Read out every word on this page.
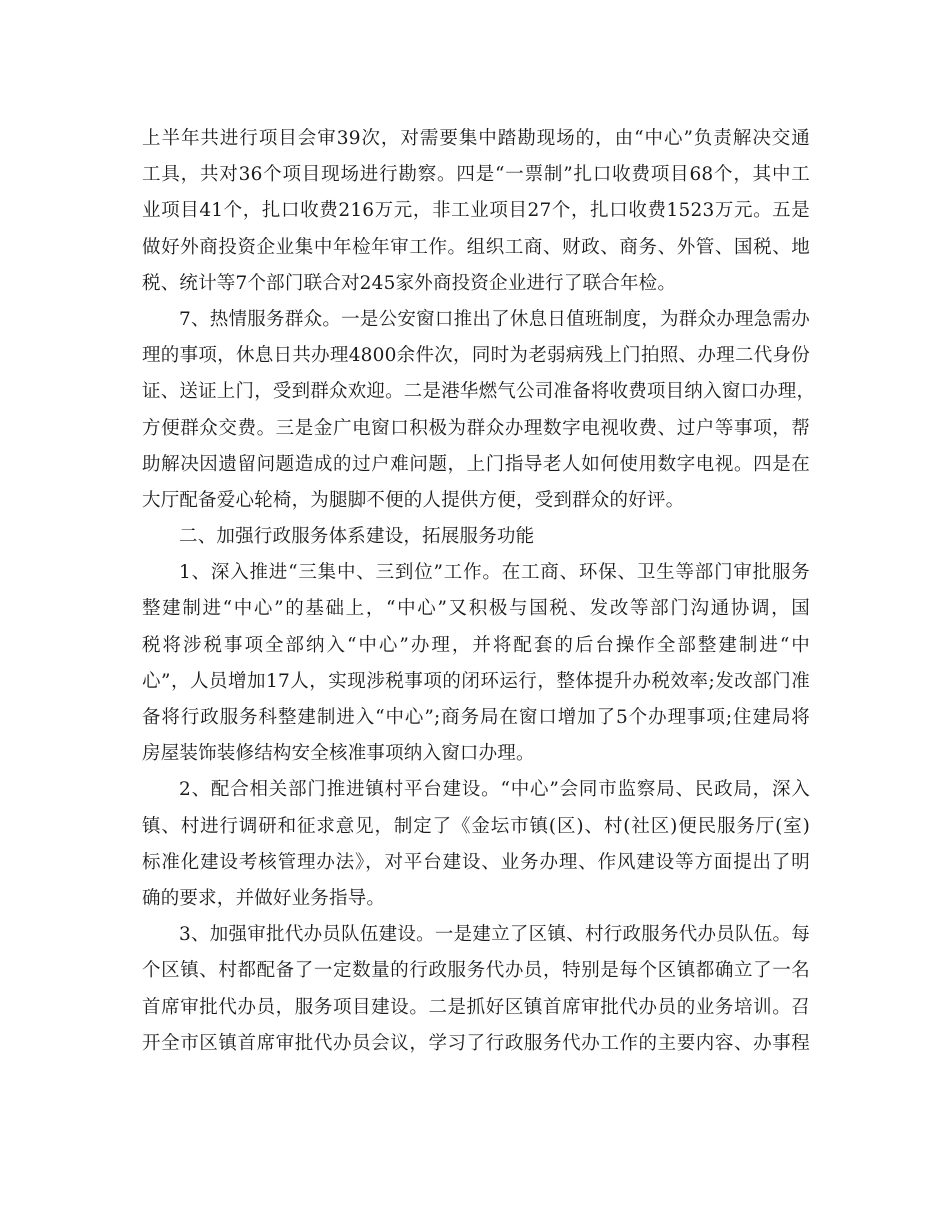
上半年共进行项目会审39次，对需要集中踏勘现场的，由“中心”负责解决交通
工具，共对36个项目现场进行勘察。四是“一票制”扎口收费项目68个，其中工
业项目41个，扎口收费216万元，非工业项目27个，扎口收费1523万元。五是
做好外商投资企业集中年检年审工作。组织工商、财政、商务、外管、国税、地
税、统计等7个部门联合对245家外商投资企业进行了联合年检。
7、热情服务群众。一是公安窗口推出了休息日值班制度，为群众办理急需办
理的事项，休息日共办理4800余件次，同时为老弱病残上门拍照、办理二代身份
证、送证上门，受到群众欢迎。二是港华燃气公司准备将收费项目纳入窗口办理，
方便群众交费。三是金广电窗口积极为群众办理数字电视收费、过户等事项，帮
助解决因遗留问题造成的过户难问题，上门指导老人如何使用数字电视。四是在
大厅配备爱心轮椅，为腿脚不便的人提供方便，受到群众的好评。
二、加强行政服务体系建设，拓展服务功能
1、深入推进“三集中、三到位”工作。在工商、环保、卫生等部门审批服务
整建制进“中心”的基础上，“中心”又积极与国税、发改等部门沟通协调，国
税将涉税事项全部纳入“中心”办理，并将配套的后台操作全部整建制进“中
心”，人员增加17人，实现涉税事项的闭环运行，整体提升办税效率;发改部门准
备将行政服务科整建制进入“中心”;商务局在窗口增加了5个办理事项;住建局将
房屋装饰装修结构安全核准事项纳入窗口办理。
2、配合相关部门推进镇村平台建设。“中心”会同市监察局、民政局，深入
镇、村进行调研和征求意见，制定了《金坛市镇(区)、村(社区)便民服务厅(室)
标准化建设考核管理办法》，对平台建设、业务办理、作风建设等方面提出了明
确的要求，并做好业务指导。
3、加强审批代办员队伍建设。一是建立了区镇、村行政服务代办员队伍。每
个区镇、村都配备了一定数量的行政服务代办员，特别是每个区镇都确立了一名
首席审批代办员，服务项目建设。二是抓好区镇首席审批代办员的业务培训。召
开全市区镇首席审批代办员会议，学习了行政服务代办工作的主要内容、办事程
